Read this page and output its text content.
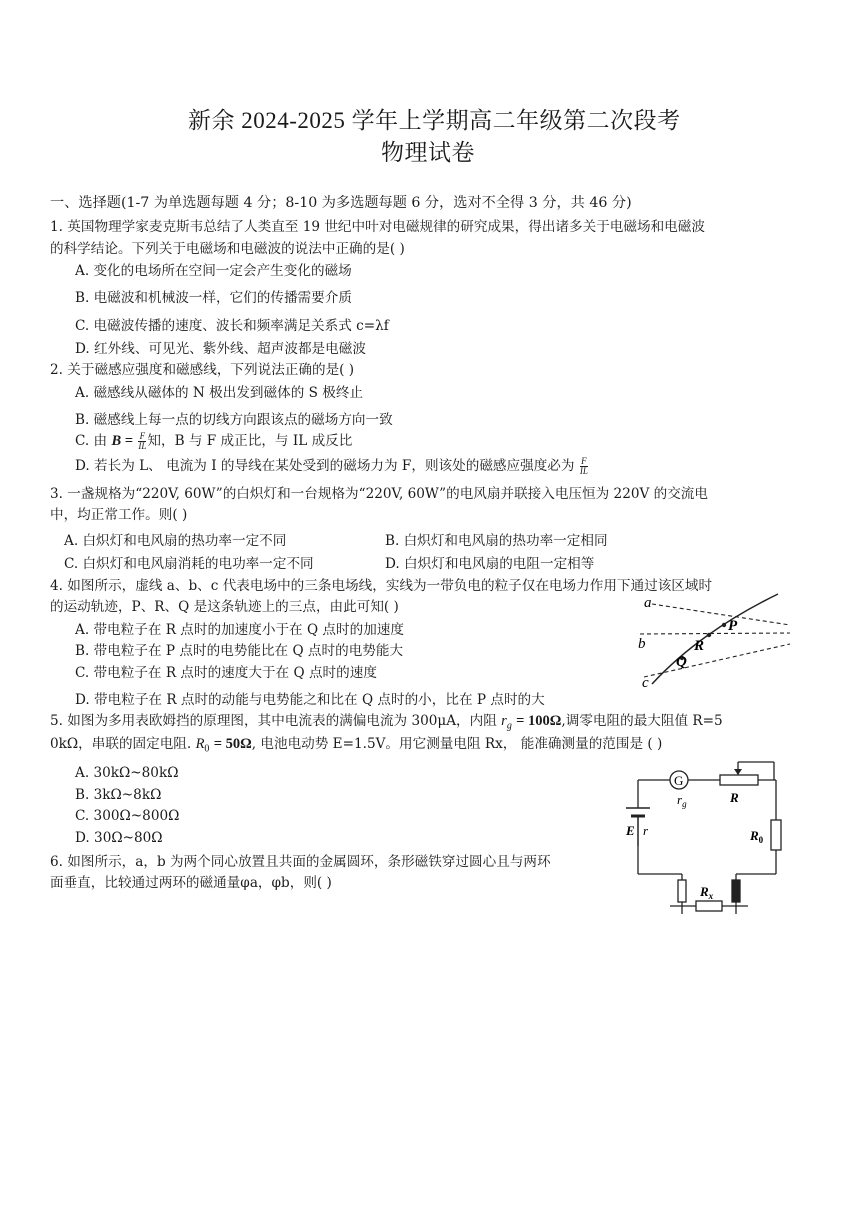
新余 2024-2025 学年上学期高二年级第二次段考
物理试卷
一、选择题(1-7 为单选题每题 4 分；8-10 为多选题每题 6 分，选对不全得 3 分，共 46 分)
1. 英国物理学家麦克斯韦总结了人类直至 19 世纪中叶对电磁规律的研究成果，得出诸多关于电磁场和电磁波
的科学结论。下列关于电磁场和电磁波的说法中正确的是( )
A. 变化的电场所在空间一定会产生变化的磁场
B. 电磁波和机械波一样，它们的传播需要介质
C. 电磁波传播的速度、波长和频率满足关系式 c=λf
D. 红外线、可见光、紫外线、超声波都是电磁波
2. 关于磁感应强度和磁感线，下列说法正确的是( )
A. 磁感线从磁体的 N 极出发到磁体的 S 极终止
B. 磁感线上每一点的切线方向跟该点的磁场方向一致
C. 由 $B = \frac{F}{IL}$ 知，B 与 F 成正比，与 IL 成反比
D. 若长为 L、 电流为 I 的导线在某处受到的磁场力为 F，则该处的磁感应强度必为 $\frac{F}{IL}$
3. 一盏规格为“220V, 60W”的白炽灯和一台规格为“220V, 60W”的电风扇并联接入电压恒为 220V 的交流电
中，均正常工作。则( )
A. 白炽灯和电风扇的热功率一定不同	B. 白炽灯和电风扇的热功率一定相同
C. 白炽灯和电风扇消耗的电功率一定不同	D. 白炽灯和电风扇的电阻一定相等
4. 如图所示，虚线 a、b、c 代表电场中的三条电场线，实线为一带负电的粒子仅在电场力作用下通过该区域时
的运动轨迹，P、R、Q 是这条轨迹上的三点，由此可知( )
A. 带电粒子在 R 点时的加速度小于在 Q 点时的加速度
B. 带电粒子在 P 点时的电势能比在 Q 点时的电势能大
C. 带电粒子在 R 点时的速度大于在 Q 点时的速度
D. 带电粒子在 R 点时的动能与电势能之和比在 Q 点时的小，比在 P 点时的大
a
b
c
P
R
Q
5. 如图为多用表欧姆挡的原理图，其中电流表的满偏电流为 300μA，内阻 $r_g = 100\Omega$,调零电阻的最大阻值 R=5
0kΩ，串联的固定电阻. $R_0 = 50\Omega$, 电池电动势 E=1.5V。用它测量电阻 Rx， 能准确测量的范围是 ( )
A. 30kΩ~80kΩ
B. 3kΩ~8kΩ
C. 300Ω~800Ω
D. 30Ω~80Ω
G
$r_g$	R
$R_0$
E r
$R_x$
6. 如图所示，a，b 为两个同心放置且共面的金属圆环，条形磁铁穿过圆心且与两环
面垂直，比较通过两环的磁通量φa，φb，则( )
